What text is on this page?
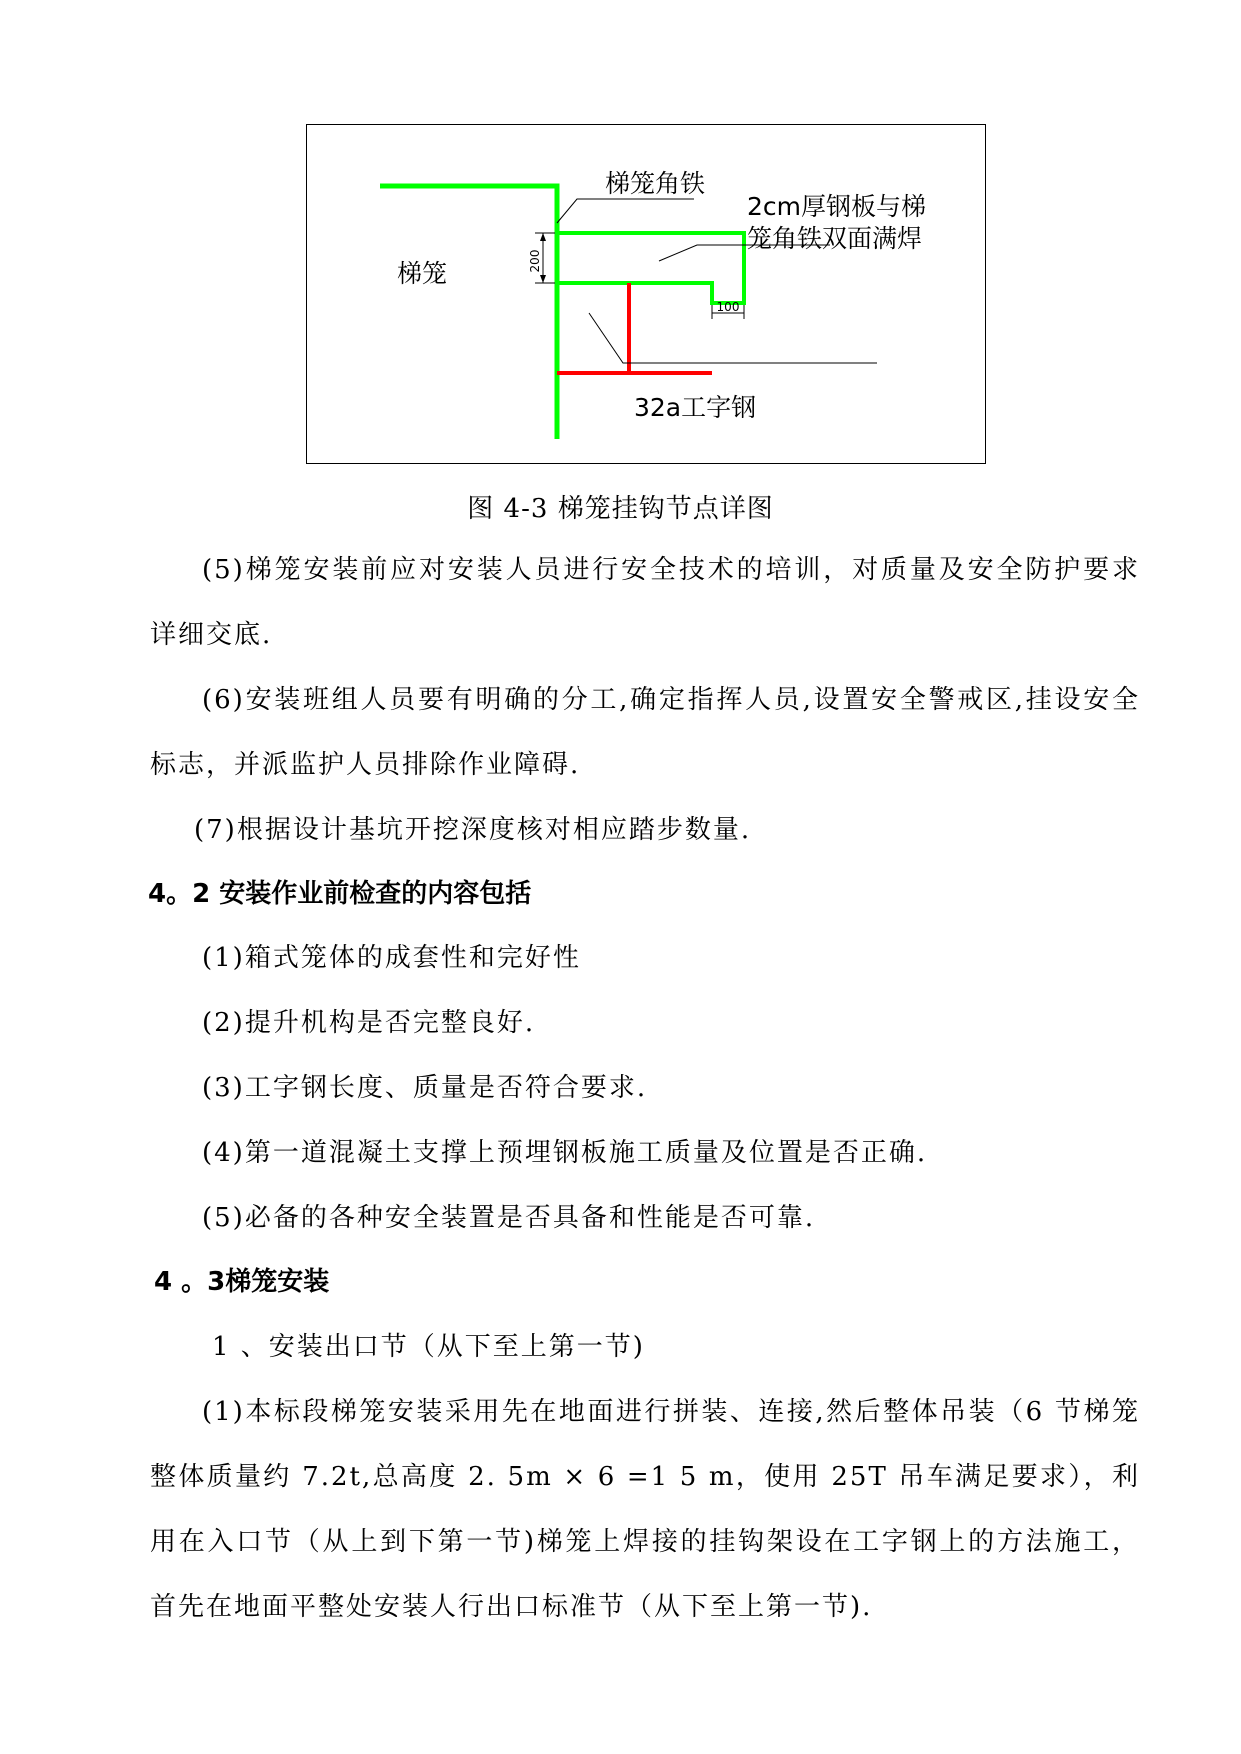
200
100
梯笼
梯笼角铁
2cm厚钢板与梯
笼角铁双面满焊
32a工字钢
图 4-3 梯笼挂钩节点详图
(5)梯笼安装前应对安装人员进行安全技术的培训，对质量及安全防护要求详细交底.
(6)安装班组人员要有明确的分工,确定指挥人员,设置安全警戒区,挂设安全标志，并派监护人员排除作业障碍.
(7)根据设计基坑开挖深度核对相应踏步数量.
4。2 安装作业前检查的内容包括
(1)箱式笼体的成套性和完好性
(2)提升机构是否完整良好.
(3)工字钢长度、质量是否符合要求.
(4)第一道混凝土支撑上预埋钢板施工质量及位置是否正确.
(5)必备的各种安全装置是否具备和性能是否可靠.
4 。3梯笼安装
1 、安装出口节（从下至上第一节)
(1)本标段梯笼安装采用先在地面进行拼装、连接,然后整体吊装（6 节梯笼整体质量约 7.2t,总高度 2. 5m × 6 =1 5 m，使用 25T 吊车满足要求），利用在入口节（从上到下第一节)梯笼上焊接的挂钩架设在工字钢上的方法施工，首先在地面平整处安装人行出口标准节（从下至上第一节).
